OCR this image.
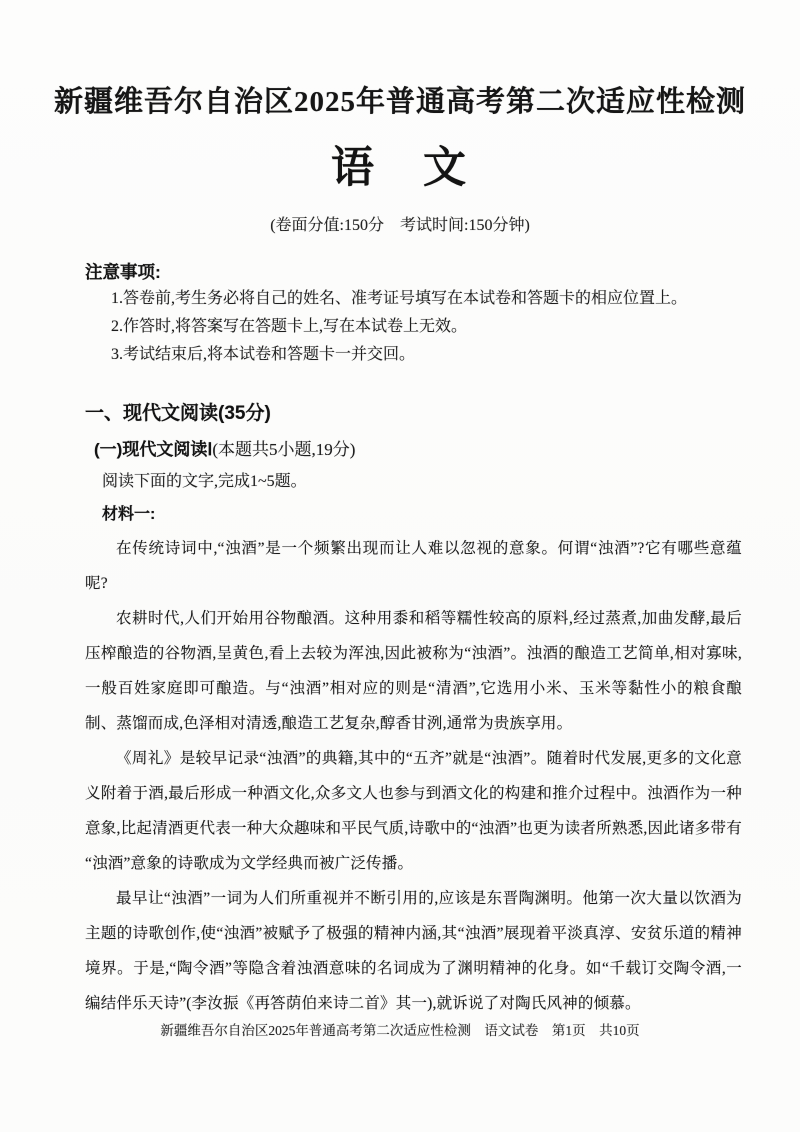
新疆维吾尔自治区2025年普通高考第二次适应性检测
语　文

(卷面分值:150分　考试时间:150分钟)

注意事项:

1.答卷前,考生务必将自己的姓名、准考证号填写在本试卷和答题卡的相应位置上。

2.作答时,将答案写在答题卡上,写在本试卷上无效。

3.考试结束后,将本试卷和答题卡一并交回。

一、现代文阅读(35分)

(一)现代文阅读Ⅰ(本题共5小题,19分)

阅读下面的文字,完成1~5题。

材料一:

在传统诗词中,“浊酒”是一个频繁出现而让人难以忽视的意象。何谓“浊酒”?它有哪些意蕴呢?

农耕时代,人们开始用谷物酿酒。这种用黍和稻等糯性较高的原料,经过蒸煮,加曲发酵,最后压榨酿造的谷物酒,呈黄色,看上去较为浑浊,因此被称为“浊酒”。浊酒的酿造工艺简单,相对寡味,一般百姓家庭即可酿造。与“浊酒”相对应的则是“清酒”,它选用小米、玉米等黏性小的粮食酿制、蒸馏而成,色泽相对清透,酿造工艺复杂,醇香甘洌,通常为贵族享用。

《周礼》是较早记录“浊酒”的典籍,其中的“五齐”就是“浊酒”。随着时代发展,更多的文化意义附着于酒,最后形成一种酒文化,众多文人也参与到酒文化的构建和推介过程中。浊酒作为一种意象,比起清酒更代表一种大众趣味和平民气质,诗歌中的“浊酒”也更为读者所熟悉,因此诸多带有“浊酒”意象的诗歌成为文学经典而被广泛传播。

最早让“浊酒”一词为人们所重视并不断引用的,应该是东晋陶渊明。他第一次大量以饮酒为主题的诗歌创作,使“浊酒”被赋予了极强的精神内涵,其“浊酒”展现着平淡真淳、安贫乐道的精神境界。于是,“陶令酒”等隐含着浊酒意味的名词成为了渊明精神的化身。如“千载订交陶令酒,一编结伴乐天诗”(李汝振《再答荫伯来诗二首》其一),就诉说了对陶氏风神的倾慕。

新疆维吾尔自治区2025年普通高考第二次适应性检测　语文试卷　第1页　共10页
